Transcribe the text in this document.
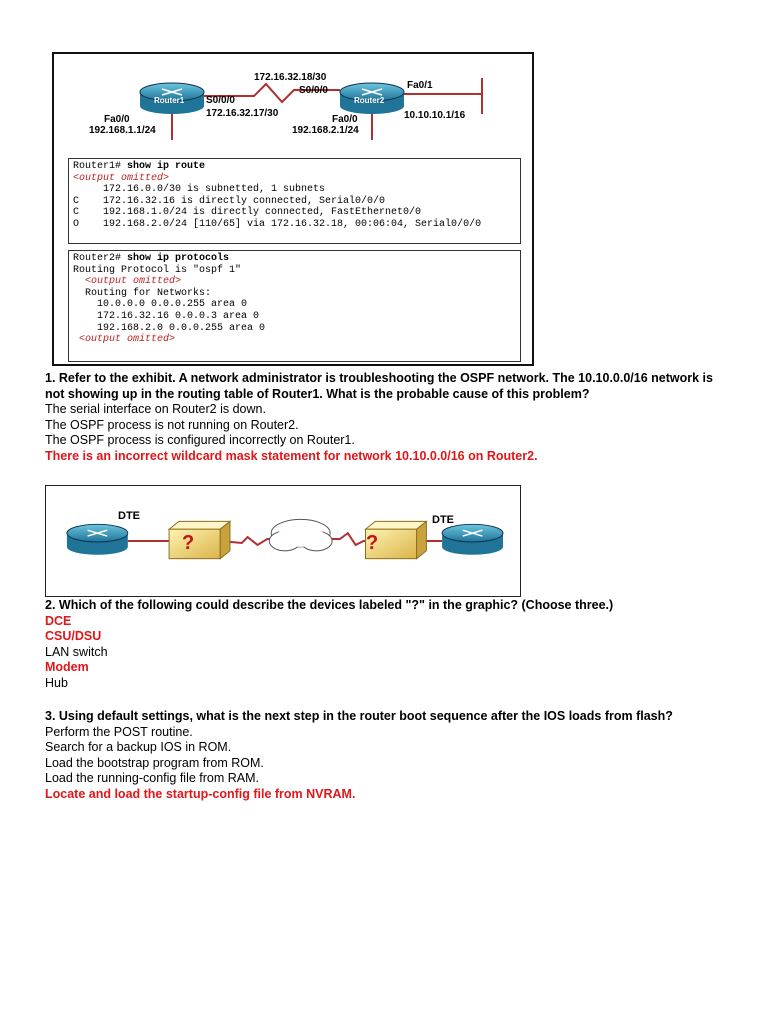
Router1	Router2
172.16.32.18/30
S0/0/0
S0/0/0
172.16.32.17/30
Fa0/1
10.10.10.1/16
Fa0/0
192.168.1.1/24
Fa0/0
192.168.2.1/24
Router1# show ip route
<output omitted>
172.16.0.0/30 is subnetted, 1 subnets
C    172.16.32.16 is directly connected, Serial0/0/0
C    192.168.1.0/24 is directly connected, FastEthernet0/0
O    192.168.2.0/24 [110/65] via 172.16.32.18, 00:06:04, Serial0/0/0
Router2# show ip protocols
Routing Protocol is "ospf 1"
<output omitted>
Routing for Networks:
10.0.0.0 0.0.0.255 area 0
172.16.32.16 0.0.0.3 area 0
192.168.2.0 0.0.0.255 area 0
<output omitted>
1. Refer to the exhibit. A network administrator is troubleshooting the OSPF network. The 10.10.0.0/16 network is not showing up in the routing table of Router1. What is the probable cause of this problem?
The serial interface on Router2 is down.
The OSPF process is not running on Router2.
The OSPF process is configured incorrectly on Router1.
There is an incorrect wildcard mask statement for network 10.10.0.0/16 on Router2.
DTE	DTE
?	?
2. Which of the following could describe the devices labeled "?" in the graphic? (Choose three.)
DCE
CSU/DSU
LAN switch
Modem
Hub
3. Using default settings, what is the next step in the router boot sequence after the IOS loads from flash?
Perform the POST routine.
Search for a backup IOS in ROM.
Load the bootstrap program from ROM.
Load the running-config file from RAM.
Locate and load the startup-config file from NVRAM.
